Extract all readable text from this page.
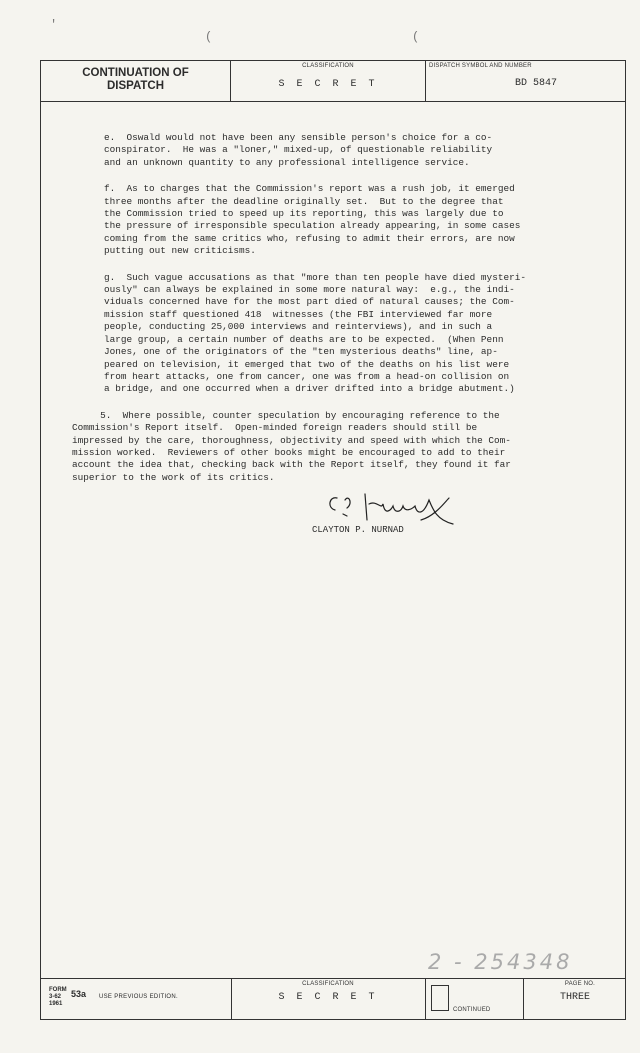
'
(	(
CONTINUATION OF
DISPATCH
CLASSIFICATION
S E C R E T
DISPATCH SYMBOL AND NUMBER
BD 5847
FORM
3-62
1961
53a USE PREVIOUS EDITION.
CLASSIFICATION
S E C R E T
CONTINUED
PAGE NO.
THREE

e.  Oswald would not have been any sensible person's choice for a co-
conspirator.  He was a "loner," mixed-up, of questionable reliability
and an unknown quantity to any professional intelligence service.

f.  As to charges that the Commission's report was a rush job, it emerged
three months after the deadline originally set.  But to the degree that
the Commission tried to speed up its reporting, this was largely due to
the pressure of irresponsible speculation already appearing, in some cases
coming from the same critics who, refusing to admit their errors, are now
putting out new criticisms.

g.  Such vague accusations as that "more than ten people have died mysteri-
ously" can always be explained in some more natural way:  e.g., the indi-
viduals concerned have for the most part died of natural causes; the Com-
mission staff questioned 418  witnesses (the FBI interviewed far more
people, conducting 25,000 interviews and reinterviews), and in such a
large group, a certain number of deaths are to be expected.  (When Penn
Jones, one of the originators of the "ten mysterious deaths" line, ap-
peared on television, it emerged that two of the deaths on his list were
from heart attacks, one from cancer, one was from a head-on collision on
a bridge, and one occurred when a driver drifted into a bridge abutment.)

5.  Where possible, counter speculation by encouraging reference to the
Commission's Report itself.  Open-minded foreign readers should still be
impressed by the care, thoroughness, objectivity and speed with which the Com-
mission worked.  Reviewers of other books might be encouraged to add to their
account the idea that, checking back with the Report itself, they found it far
superior to the work of its critics.

CLAYTON P. NURNAD
2 - 254348
